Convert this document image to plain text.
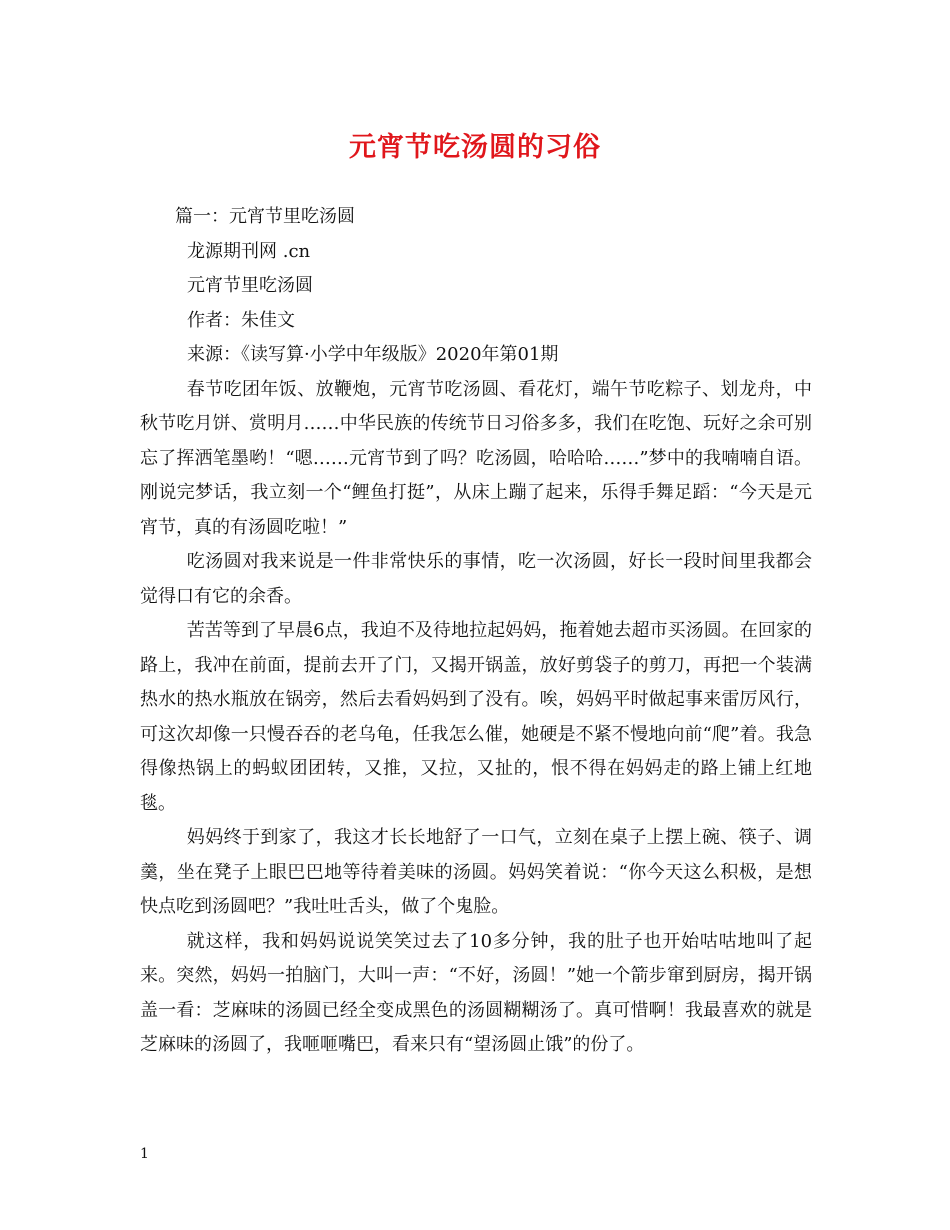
元宵节吃汤圆的习俗

篇一：元宵节里吃汤圆

龙源期刊网 .cn

元宵节里吃汤圆

作者：朱佳文

来源：《读写算·小学中年级版》2020年第01期

春节吃团年饭、放鞭炮，元宵节吃汤圆、看花灯，端午节吃粽子、划龙舟，中秋节吃月饼、赏明月……中华民族的传统节日习俗多多，我们在吃饱、玩好之余可别忘了挥洒笔墨哟！“嗯……元宵节到了吗？吃汤圆，哈哈哈……”梦中的我喃喃自语。刚说完梦话，我立刻一个“鲤鱼打挺”，从床上蹦了起来，乐得手舞足蹈：“今天是元宵节，真的有汤圆吃啦！”

吃汤圆对我来说是一件非常快乐的事情，吃一次汤圆，好长一段时间里我都会觉得口有它的余香。

苦苦等到了早晨6点，我迫不及待地拉起妈妈，拖着她去超市买汤圆。在回家的路上，我冲在前面，提前去开了门，又揭开锅盖，放好剪袋子的剪刀，再把一个装满热水的热水瓶放在锅旁，然后去看妈妈到了没有。唉，妈妈平时做起事来雷厉风行，可这次却像一只慢吞吞的老乌龟，任我怎么催，她硬是不紧不慢地向前“爬”着。我急得像热锅上的蚂蚁团团转，又推，又拉，又扯的，恨不得在妈妈走的路上铺上红地毯。

妈妈终于到家了，我这才长长地舒了一口气，立刻在桌子上摆上碗、筷子、调羹，坐在凳子上眼巴巴地等待着美味的汤圆。妈妈笑着说：“你今天这么积极，是想快点吃到汤圆吧？”我吐吐舌头，做了个鬼脸。

就这样，我和妈妈说说笑笑过去了10多分钟，我的肚子也开始咕咕地叫了起来。突然，妈妈一拍脑门，大叫一声：“不好，汤圆！”她一个箭步窜到厨房，揭开锅盖一看：芝麻味的汤圆已经全变成黑色的汤圆糊糊汤了。真可惜啊！我最喜欢的就是芝麻味的汤圆了，我咂咂嘴巴，看来只有“望汤圆止饿”的份了。

1
